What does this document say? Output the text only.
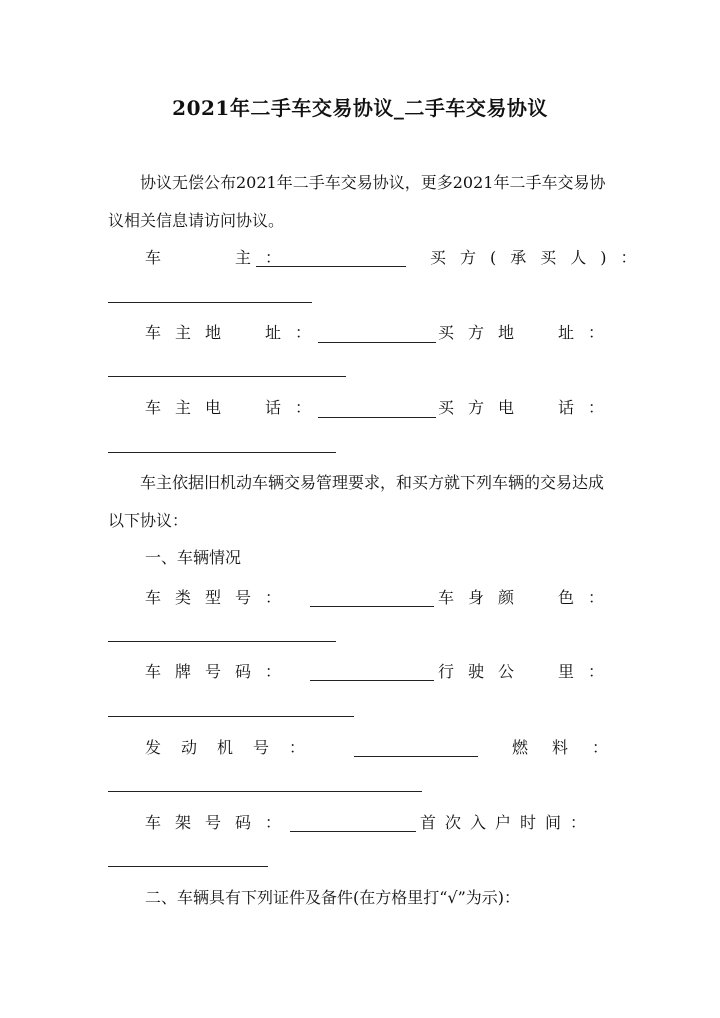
2021年二手车交易协议_二手车交易协议
协议无偿公布2021年二手车交易协议，更多2021年二手车交易协议相关信息请访问协议。
车　　主：	买方(承买人)：
车主地　址：	买方地　址：
车主电　话：	买方电　话：
车主依据旧机动车辆交易管理要求，和买方就下列车辆的交易达成以下协议：
一、车辆情况
车类型号：	车身颜　色：
车牌号码：	行驶公　里：
发动机号：	燃料：
车架号码：	首次入户时间：
二、车辆具有下列证件及备件(在方格里打“√”为示)：
